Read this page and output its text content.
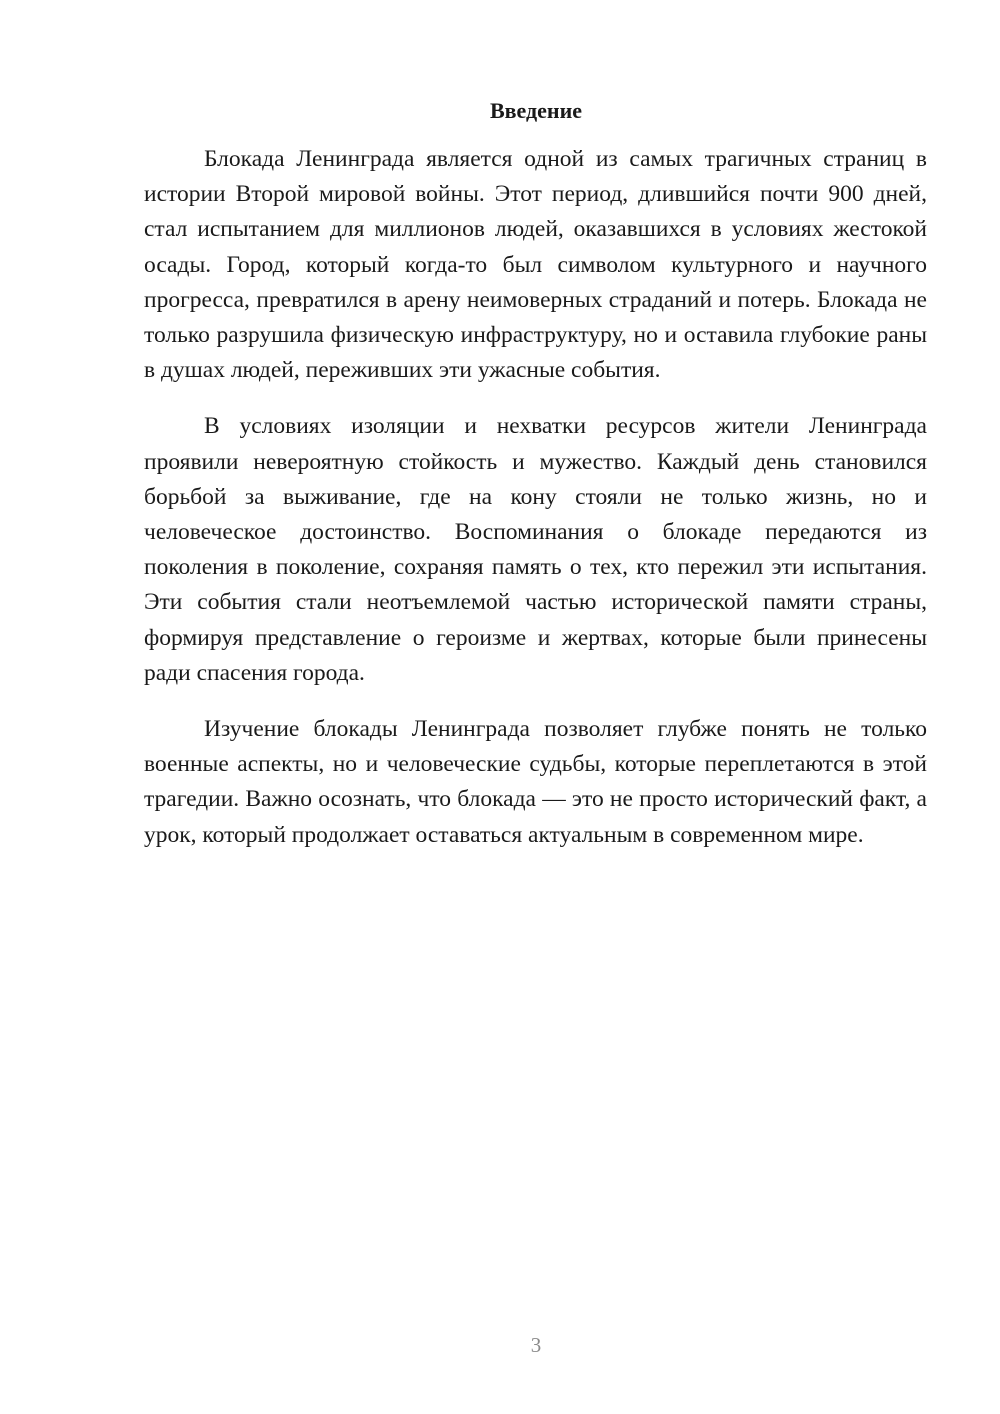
Введение

Блокада Ленинграда является одной из самых трагичных страниц в истории Второй мировой войны. Этот период, длившийся почти 900 дней, стал испытанием для миллионов людей, оказавшихся в условиях жестокой осады. Город, который когда-то был символом культурного и научного прогресса, превратился в арену неимоверных страданий и потерь. Блокада не только разрушила физическую инфраструктуру, но и оставила глубокие раны в душах людей, переживших эти ужасные события.

В условиях изоляции и нехватки ресурсов жители Ленинграда проявили невероятную стойкость и мужество. Каждый день становился борьбой за выживание, где на кону стояли не только жизнь, но и человеческое достоинство. Воспоминания о блокаде передаются из поколения в поколение, сохраняя память о тех, кто пережил эти испытания. Эти события стали неотъемлемой частью исторической памяти страны, формируя представление о героизме и жертвах, которые были принесены ради спасения города.

Изучение блокады Ленинграда позволяет глубже понять не только военные аспекты, но и человеческие судьбы, которые переплетаются в этой трагедии. Важно осознать, что блокада — это не просто исторический факт, а урок, который продолжает оставаться актуальным в современном мире.

3
